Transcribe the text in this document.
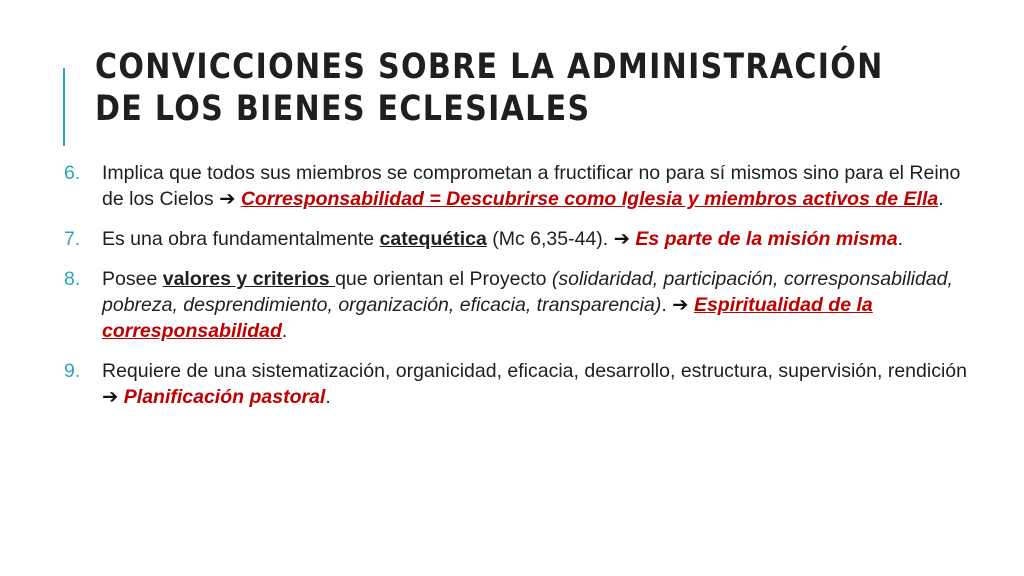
CONVICCIONES SOBRE LA ADMINISTRACIÓN
DE LOS BIENES ECLESIALES
6. Implica que todos sus miembros se comprometan a fructificar no para sí mismos sino para el Reino de los Cielos ➔ Corresponsabilidad = Descubrirse como Iglesia y miembros activos de Ella.
7. Es una obra fundamentalmente catequética (Mc 6,35-44). ➔ Es parte de la misión misma.
8. Posee valores y criterios que orientan el Proyecto (solidaridad, participación, corresponsabilidad, pobreza, desprendimiento, organización, eficacia, transparencia). ➔ Espiritualidad de la corresponsabilidad.
9. Requiere de una sistematización, organicidad, eficacia, desarrollo, estructura, supervisión, rendición ➔ Planificación pastoral.
